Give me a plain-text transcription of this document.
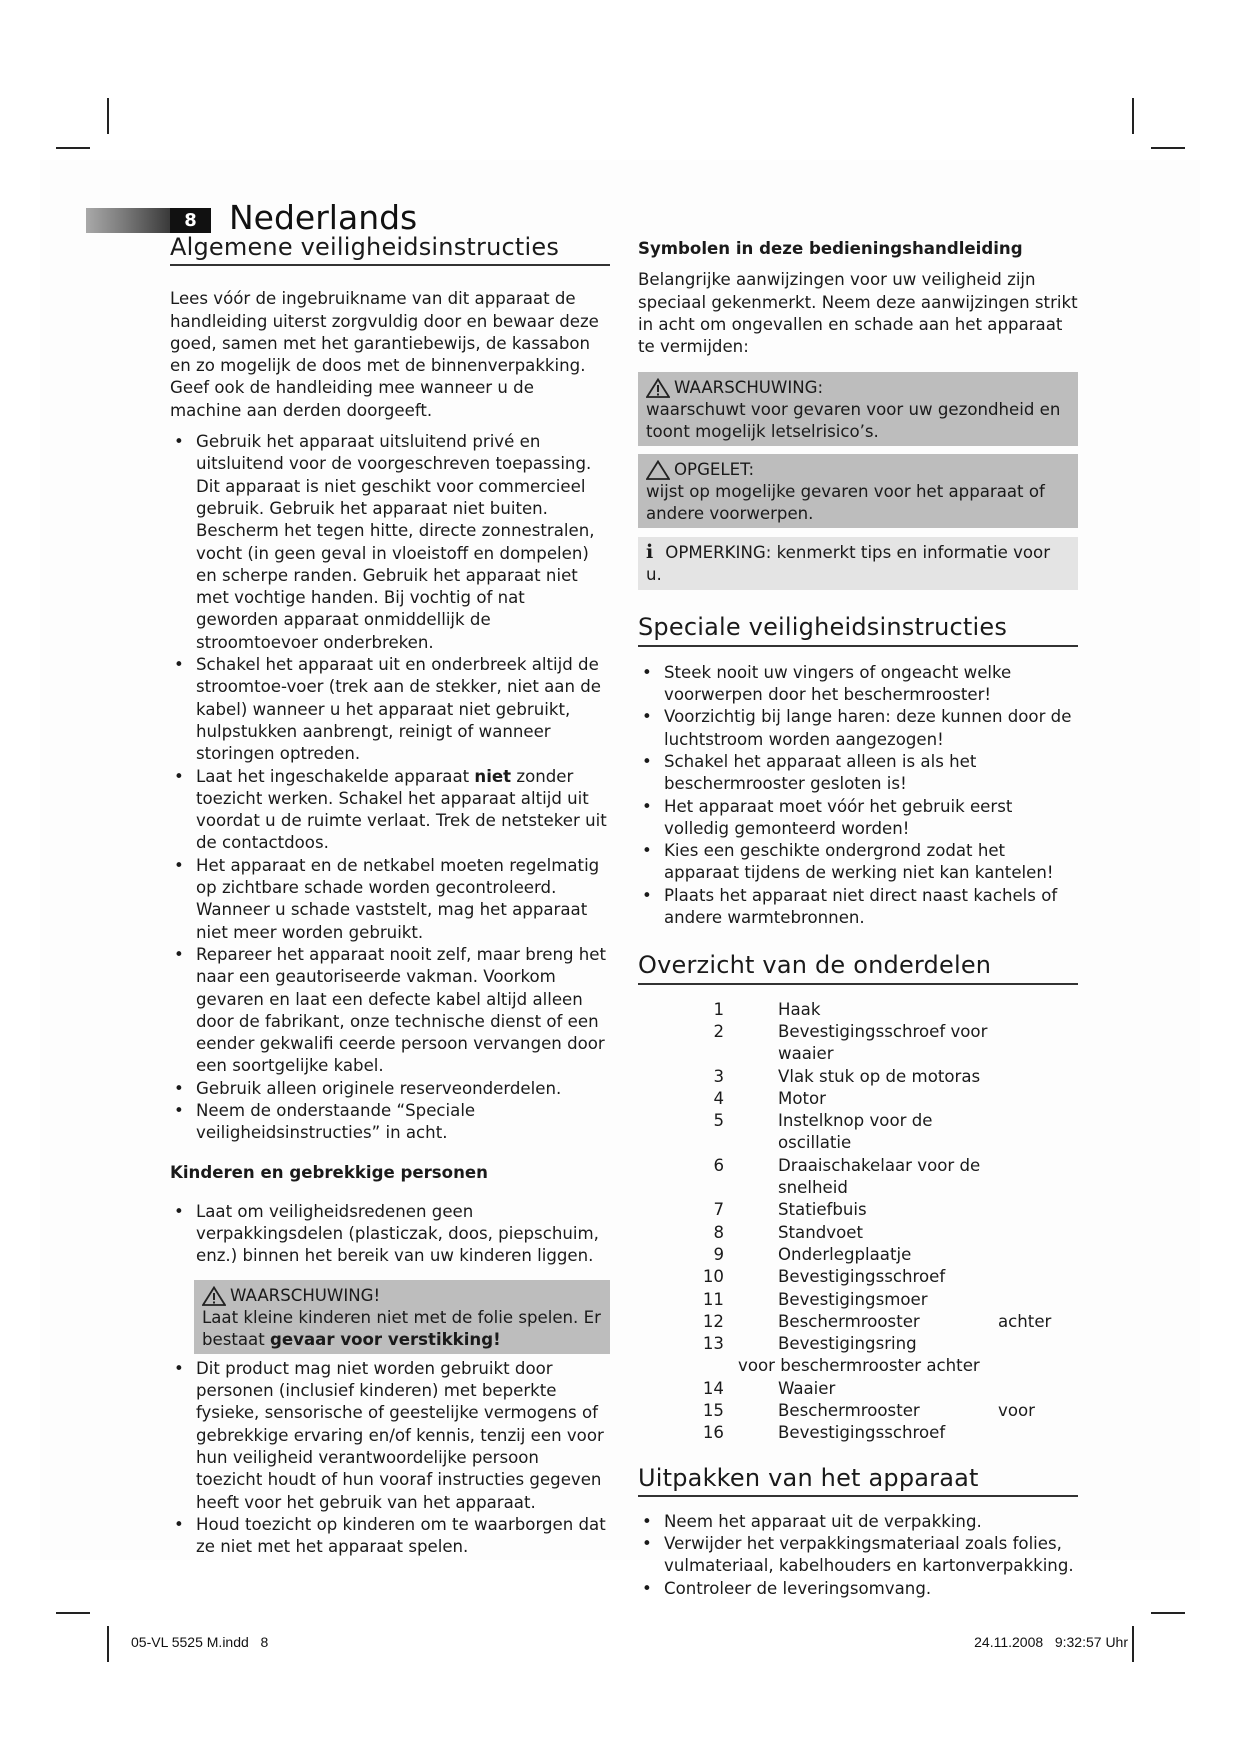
8 Nederlands
Algemene veiligheidsinstructies

Lees vóór de ingebruikname van dit apparaat de handleiding uiterst zorgvuldig door en bewaar deze goed, samen met het garantiebewijs, de kassabon en zo mogelijk de doos met de binnenverpakking. Geef ook de handleiding mee wanneer u de machine aan derden doorgeeft.

• Gebruik het apparaat uitsluitend privé en uitsluitend voor de voorgeschreven toepassing. Dit apparaat is niet geschikt voor commercieel gebruik. Gebruik het apparaat niet buiten. Bescherm het tegen hitte, directe zonnestralen, vocht (in geen geval in vloeistoff en dompelen) en scherpe randen. Gebruik het apparaat niet met vochtige handen. Bij vochtig of nat geworden apparaat onmiddellijk de stroomtoevoer onderbreken.
• Schakel het apparaat uit en onderbreek altijd de stroomtoe-voer (trek aan de stekker, niet aan de kabel) wanneer u het apparaat niet gebruikt, hulpstukken aanbrengt, reinigt of wanneer storingen optreden.
• Laat het ingeschakelde apparaat niet zonder toezicht werken. Schakel het apparaat altijd uit voordat u de ruimte verlaat. Trek de netsteker uit de contactdoos.
• Het apparaat en de netkabel moeten regelmatig op zichtbare schade worden gecontroleerd. Wanneer u schade vaststelt, mag het apparaat niet meer worden gebruikt.
• Repareer het apparaat nooit zelf, maar breng het naar een geautoriseerde vakman. Voorkom gevaren en laat een defecte kabel altijd alleen door de fabrikant, onze technische dienst of een eender gekwalifi ceerde persoon vervangen door een soortgelijke kabel.
• Gebruik alleen originele reserveonderdelen.
• Neem de onderstaande “Speciale veiligheidsinstructies” in acht.
Kinderen en gebrekkige personen
• Laat om veiligheidsredenen geen verpakkingsdelen (plasticzak, doos, piepschuim, enz.) binnen het bereik van uw kinderen liggen.
WAARSCHUWING!
Laat kleine kinderen niet met de folie spelen. Er bestaat gevaar voor verstikking!
• Dit product mag niet worden gebruikt door personen (inclusief kinderen) met beperkte fysieke, sensorische of geestelijke vermogens of gebrekkige ervaring en/of kennis, tenzij een voor hun veiligheid verantwoordelijke persoon toezicht houdt of hun vooraf instructies gegeven heeft voor het gebruik van het apparaat.
• Houd toezicht op kinderen om te waarborgen dat ze niet met het apparaat spelen.
Symbolen in deze bedieningshandleiding

Belangrijke aanwijzingen voor uw veiligheid zijn speciaal gekenmerkt. Neem deze aanwijzingen strikt in acht om ongevallen en schade aan het apparaat te vermijden:

WAARSCHUWING:
waarschuwt voor gevaren voor uw gezondheid en toont mogelijk letselrisico’s.
OPGELET:
wijst op mogelijke gevaren voor het apparaat of andere voorwerpen.
i OPMERKING: kenmerkt tips en informatie voor u.
Speciale veiligheidsinstructies
• Steek nooit uw vingers of ongeacht welke voorwerpen door het beschermrooster!
• Voorzichtig bij lange haren: deze kunnen door de luchtstroom worden aangezogen!
• Schakel het apparaat alleen is als het beschermrooster gesloten is!
• Het apparaat moet vóór het gebruik eerst volledig gemonteerd worden!
• Kies een geschikte ondergrond zodat het apparaat tijdens de werking niet kan kantelen!
• Plaats het apparaat niet direct naast kachels of andere warmtebronnen.
Overzicht van de onderdelen
1	Haak	
2	Bevestigingsschroef voor waaier	
3	Vlak stuk op de motoras	
4	Motor	
5	Instelknop voor de oscillatie	
6	Draaischakelaar voor de snelheid	
7	Statiefbuis	
8	Standvoet	
9	Onderlegplaatje	
10	Bevestigingsschroef	
11	Bevestigingsmoer	
12	Beschermrooster	achter
13	Bevestigingsring	
	voor beschermrooster achter	
14	Waaier	
15	Beschermrooster	voor
16	Bevestigingsschroef	
Uitpakken van het apparaat
• Neem het apparaat uit de verpakking.
• Verwijder het verpakkingsmateriaal zoals folies, vulmateriaal, kabelhouders en kartonverpakking.
• Controleer de leveringsomvang.
05-VL 5525 M.indd   8	24.11.2008   9:32:57 Uhr
